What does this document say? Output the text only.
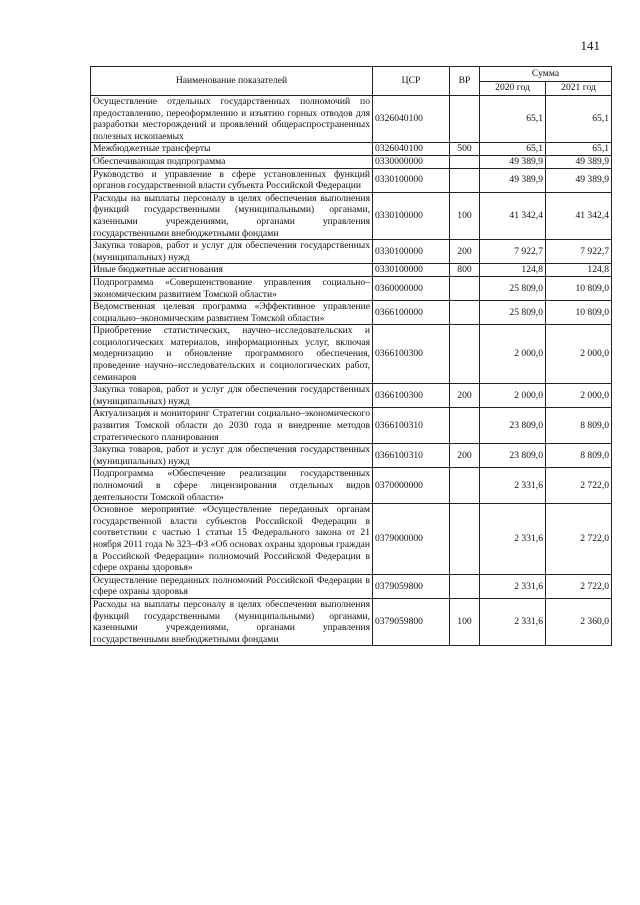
141
Наименование показателей	ЦСР	ВР	Сумма	
			2020 год	2021 год
Осуществление отдельных государственных полномочий по предоставлению, переоформлению и изъятию горных отводов для разработки месторождений и проявлений общераспространенных полезных ископаемых	0326040100		65,1	65,1
Межбюджетные трансферты	0326040100	500	65,1	65,1
Обеспечивающая подпрограмма	0330000000		49 389,9	49 389,9
Руководство и управление в сфере установленных функций органов государственной власти субъекта Российской Федерации	0330100000		49 389,9	49 389,9
Расходы на выплаты персоналу в целях обеспечения выполнения функций государственными (муниципальными) органами, казенными учреждениями, органами управления государственными внебюджетными фондами	0330100000	100	41 342,4	41 342,4
Закупка товаров, работ и услуг для обеспечения государственных (муниципальных) нужд	0330100000	200	7 922,7	7 922,7
Иные бюджетные ассигнования	0330100000	800	124,8	124,8
Подпрограмма «Совершенствование управления социально–экономическим развитием Томской области»	0360000000		25 809,0	10 809,0
Ведомственная целевая программа «Эффективное управление социально–экономическим развитием Томской области»	0366100000		25 809,0	10 809,0
Приобретение статистических, научно–исследовательских и социологических материалов, информационных услуг, включая модернизацию и обновление программного обеспечения, проведение научно–исследовательских и социологических работ, семинаров	0366100300		2 000,0	2 000,0
Закупка товаров, работ и услуг для обеспечения государственных (муниципальных) нужд	0366100300	200	2 000,0	2 000,0
Актуализация и мониторинг Стратегии социально–экономического развития Томской области до 2030 года и внедрение методов стратегического планирования	0366100310		23 809,0	8 809,0
Закупка товаров, работ и услуг для обеспечения государственных (муниципальных) нужд	0366100310	200	23 809,0	8 809,0
Подпрограмма «Обеспечение реализации государственных полномочий в сфере лицензирования отдельных видов деятельности Томской области»	0370000000		2 331,6	2 722,0
Основное мероприятие «Осуществление переданных органам государственной власти субъектов Российской Федерации в соответствии с частью 1 статьи 15 Федерального закона от 21 ноября 2011 года № 323–ФЗ «Об основах охраны здоровья граждан в Российской Федерации» полномочий Российской Федерации в сфере охраны здоровья»	0379000000		2 331,6	2 722,0
Осуществление переданных полномочий Российской Федерации в сфере охраны здоровья	0379059800		2 331,6	2 722,0
Расходы на выплаты персоналу в целях обеспечения выполнения функций государственными (муниципальными) органами, казенными учреждениями, органами управления государственными внебюджетными фондами	0379059800	100	2 331,6	2 360,0
